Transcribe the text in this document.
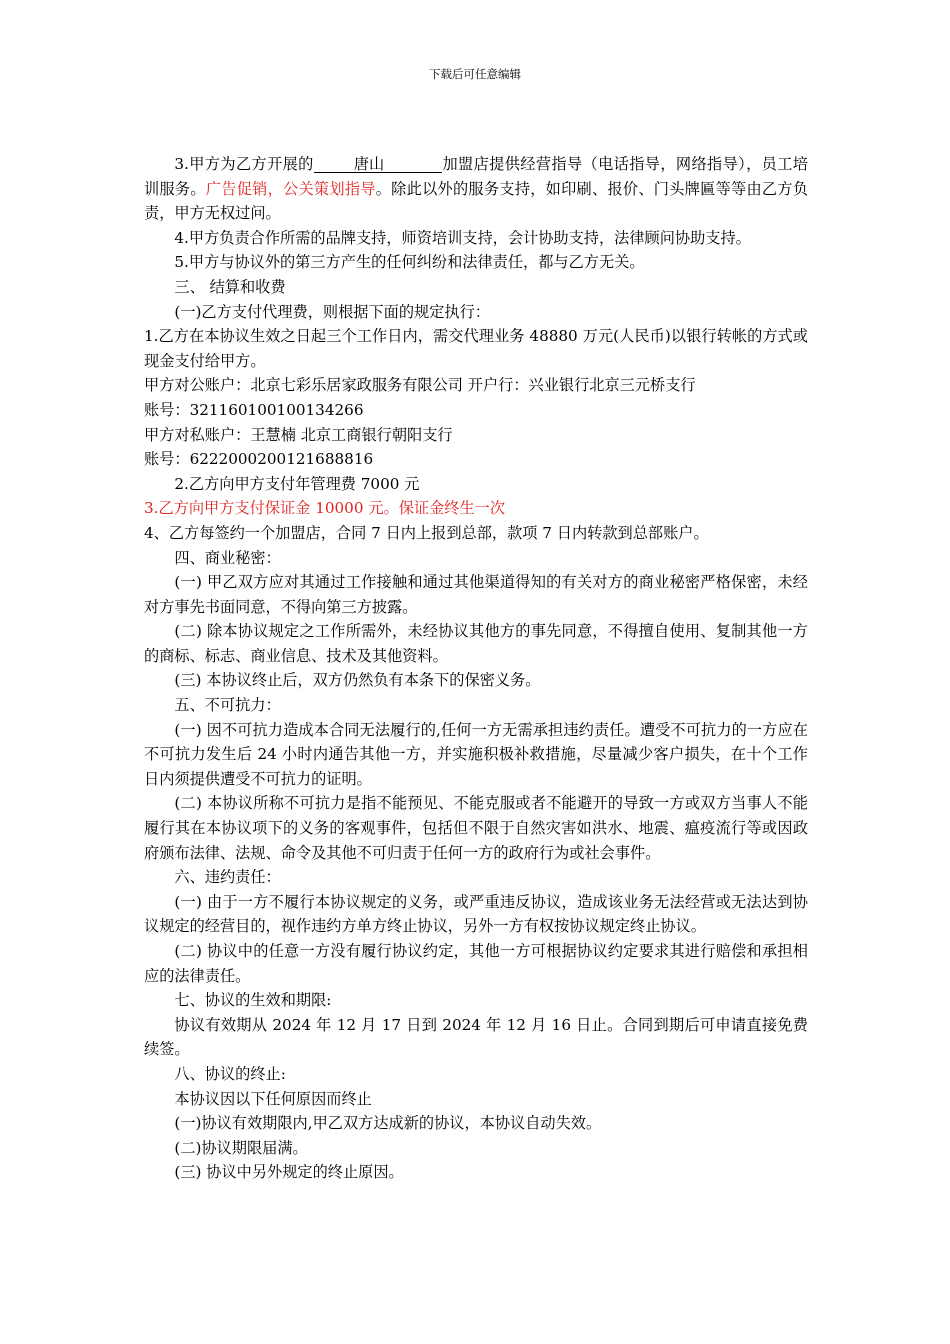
下载后可任意编辑

3.甲方为乙方开展的	唐山	加盟店提供经营指导（电话指导，网络指导），员工培训服务。广告促销，公关策划指导。除此以外的服务支持，如印刷、报价、门头牌匾等等由乙方负责，甲方无权过问。

4.甲方负责合作所需的品牌支持，师资培训支持，会计协助支持，法律顾问协助支持。

5.甲方与协议外的第三方产生的任何纠纷和法律责任，都与乙方无关。

三、 结算和收费

(一)乙方支付代理费，则根据下面的规定执行：

1.乙方在本协议生效之日起三个工作日内，需交代理业务 48880 万元(人民币)以银行转帐的方式或现金支付给甲方。

甲方对公账户：北京七彩乐居家政服务有限公司 开户行：兴业银行北京三元桥支行

账号：321160100100134266

甲方对私账户：王慧楠 北京工商银行朝阳支行

账号：6222000200121688816

2.乙方向甲方支付年管理费 7000 元

3.乙方向甲方支付保证金 10000 元。保证金终生一次

4、乙方每签约一个加盟店，合同 7 日内上报到总部，款项 7 日内转款到总部账户。

四、商业秘密：

(一) 甲乙双方应对其通过工作接触和通过其他渠道得知的有关对方的商业秘密严格保密，未经对方事先书面同意，不得向第三方披露。

(二) 除本协议规定之工作所需外，未经协议其他方的事先同意，不得擅自使用、复制其他一方的商标、标志、商业信息、技术及其他资料。

(三) 本协议终止后，双方仍然负有本条下的保密义务。

五、不可抗力：

(一) 因不可抗力造成本合同无法履行的,任何一方无需承担违约责任。遭受不可抗力的一方应在不可抗力发生后 24 小时内通告其他一方，并实施积极补救措施，尽量减少客户损失，在十个工作日内须提供遭受不可抗力的证明。

(二) 本协议所称不可抗力是指不能预见、不能克服或者不能避开的导致一方或双方当事人不能履行其在本协议项下的义务的客观事件，包括但不限于自然灾害如洪水、地震、瘟疫流行等或因政府颁布法律、法规、命令及其他不可归责于任何一方的政府行为或社会事件。

六、违约责任：

(一) 由于一方不履行本协议规定的义务，或严重违反协议，造成该业务无法经营或无法达到协议规定的经营目的，视作违约方单方终止协议，另外一方有权按协议规定终止协议。

(二) 协议中的任意一方没有履行协议约定，其他一方可根据协议约定要求其进行赔偿和承担相应的法律责任。

七、协议的生效和期限:

协议有效期从 2024 年 12 月 17 日到 2024 年 12 月 16 日止。合同到期后可申请直接免费续签。

八、协议的终止:

本协议因以下任何原因而终止

(一)协议有效期限内,甲乙双方达成新的协议，本协议自动失效。

(二)协议期限届满。

(三) 协议中另外规定的终止原因。
